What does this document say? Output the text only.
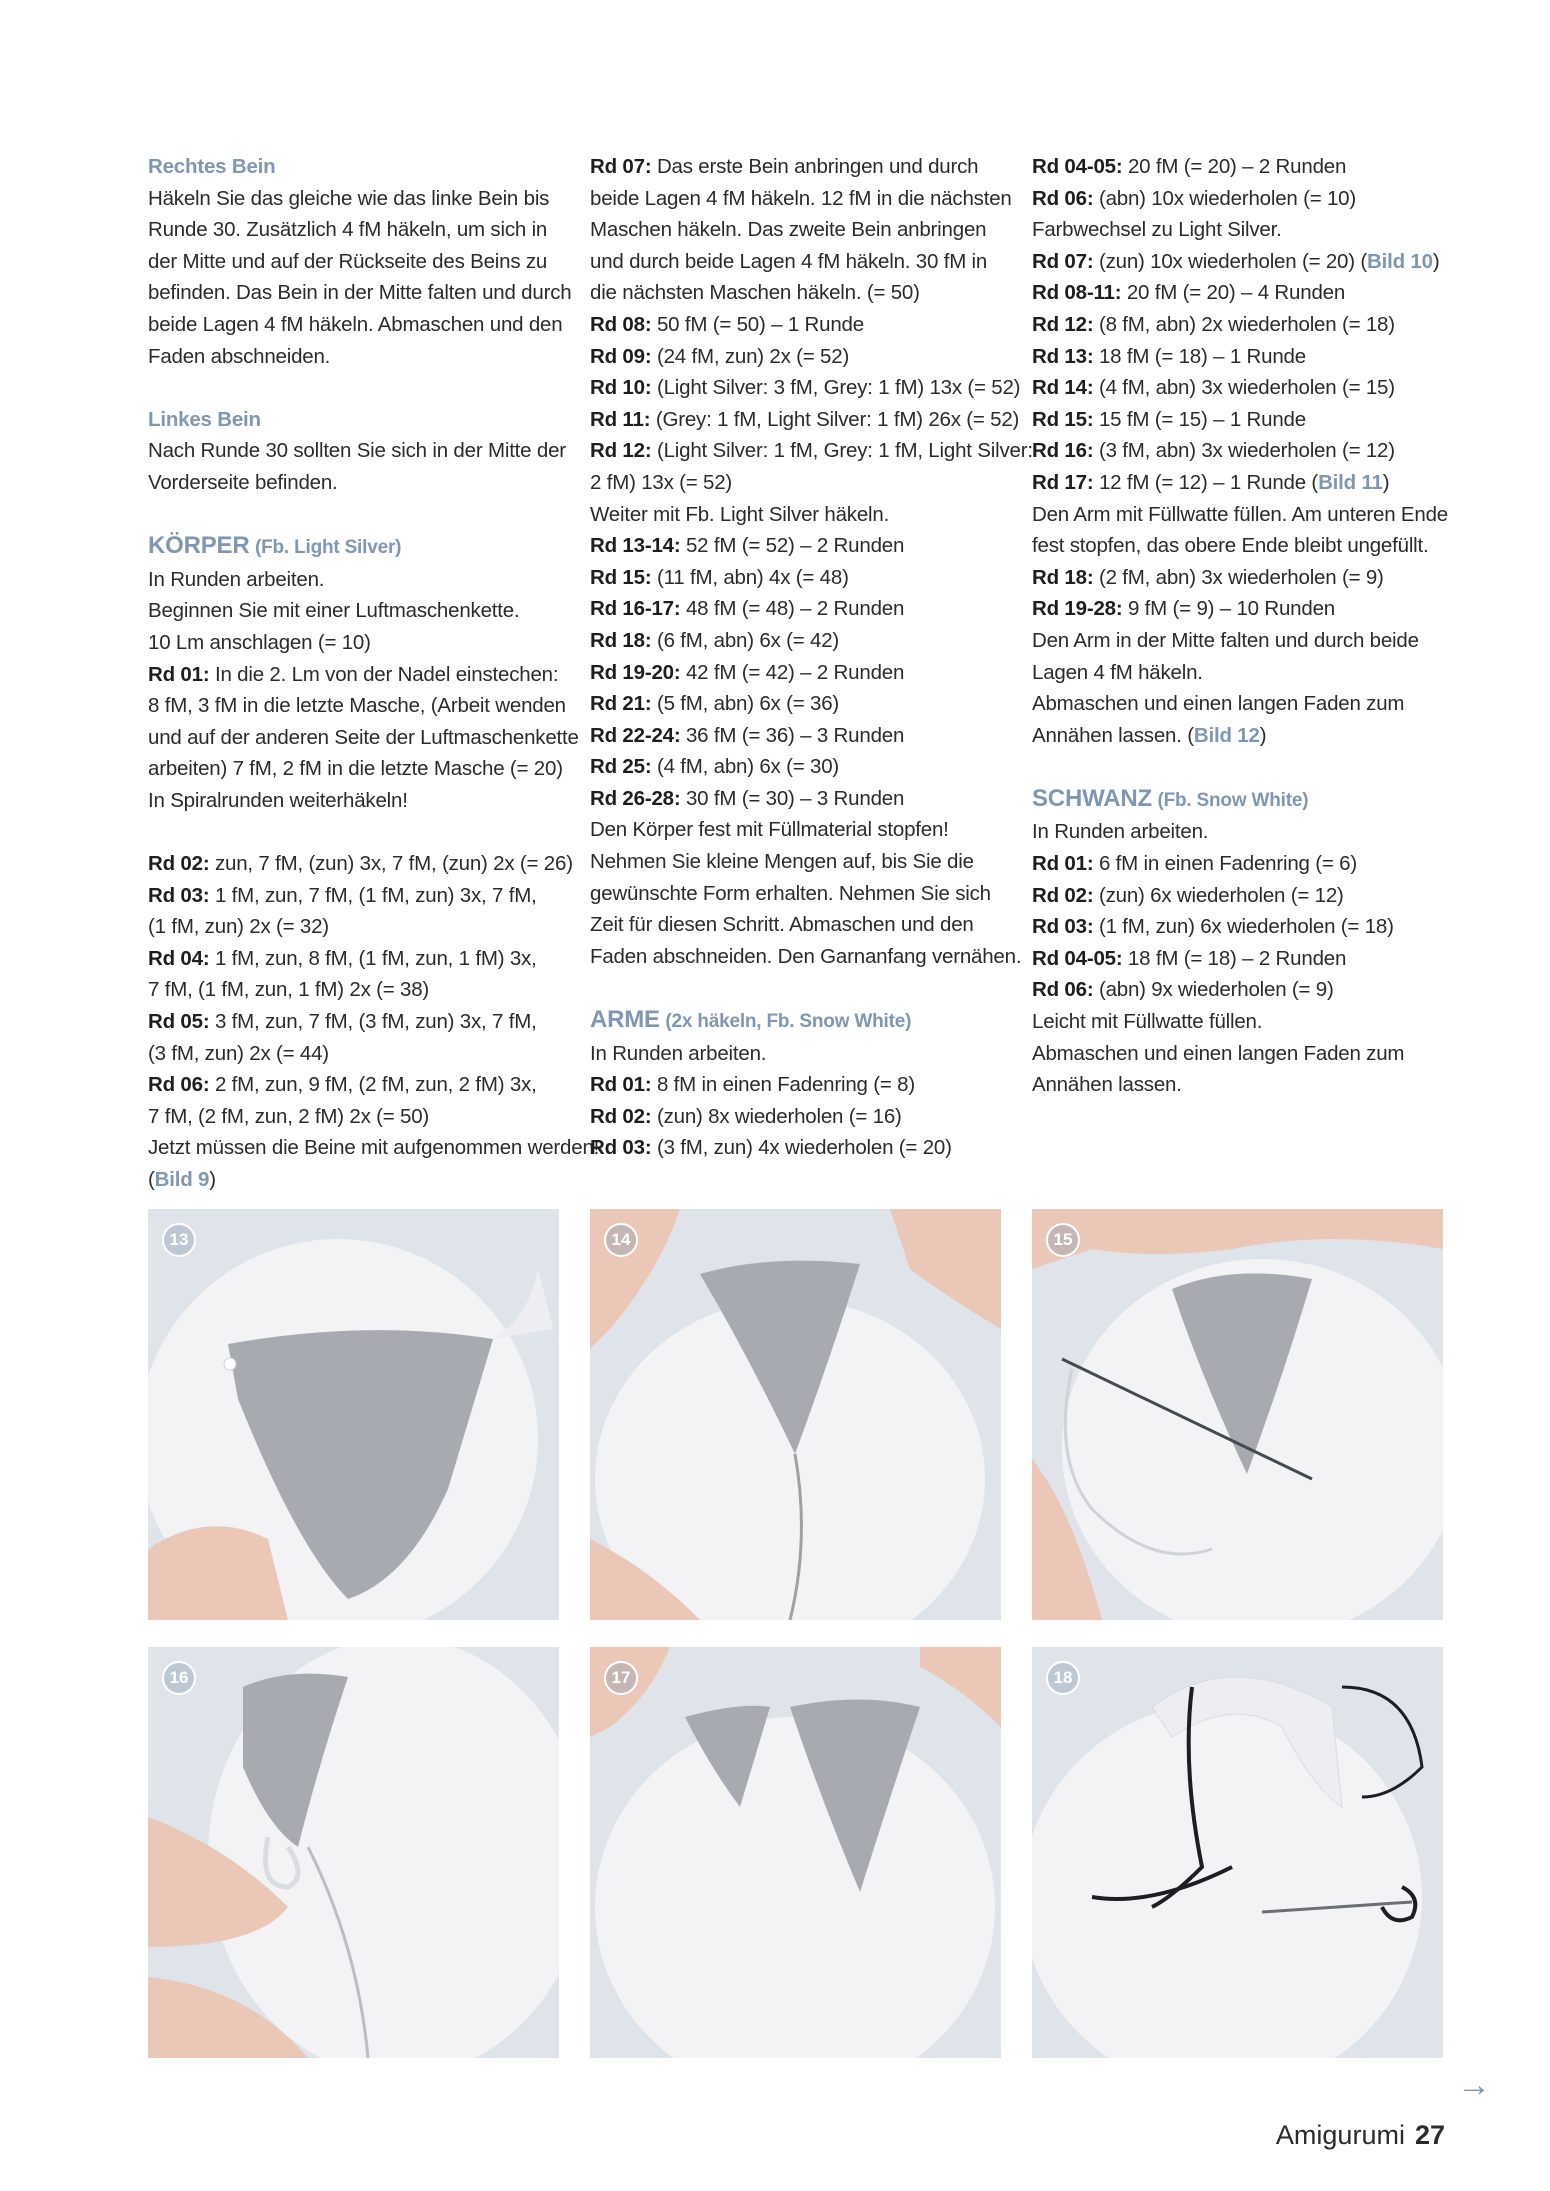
Rechtes Bein
Häkeln Sie das gleiche wie das linke Bein bis
Runde 30. Zusätzlich 4 fM häkeln, um sich in
der Mitte und auf der Rückseite des Beins zu
befinden. Das Bein in der Mitte falten und durch
beide Lagen 4 fM häkeln. Abmaschen und den
Faden abschneiden.
Linkes Bein
Nach Runde 30 sollten Sie sich in der Mitte der
Vorderseite befinden.
KÖRPER (Fb. Light Silver)
In Runden arbeiten.
Beginnen Sie mit einer Luftmaschenkette.
10 Lm anschlagen (= 10)
Rd 01: In die 2. Lm von der Nadel einstechen:
8 fM, 3 fM in die letzte Masche, (Arbeit wenden
und auf der anderen Seite der Luftmaschenkette
arbeiten) 7 fM, 2 fM in die letzte Masche (= 20)
In Spiralrunden weiterhäkeln!
Rd 02: zun, 7 fM, (zun) 3x, 7 fM, (zun) 2x (= 26)
Rd 03: 1 fM, zun, 7 fM, (1 fM, zun) 3x, 7 fM,
(1 fM, zun) 2x (= 32)
Rd 04: 1 fM, zun, 8 fM, (1 fM, zun, 1 fM) 3x,
7 fM, (1 fM, zun, 1 fM) 2x (= 38)
Rd 05: 3 fM, zun, 7 fM, (3 fM, zun) 3x, 7 fM,
(3 fM, zun) 2x (= 44)
Rd 06: 2 fM, zun, 9 fM, (2 fM, zun, 2 fM) 3x,
7 fM, (2 fM, zun, 2 fM) 2x (= 50)
Jetzt müssen die Beine mit aufgenommen werden!
(Bild 9)
Rd 07: Das erste Bein anbringen und durch
beide Lagen 4 fM häkeln. 12 fM in die nächsten
Maschen häkeln. Das zweite Bein anbringen
und durch beide Lagen 4 fM häkeln. 30 fM in
die nächsten Maschen häkeln. (= 50)
Rd 08: 50 fM (= 50) – 1 Runde
Rd 09: (24 fM, zun) 2x (= 52)
Rd 10: (Light Silver: 3 fM, Grey: 1 fM) 13x (= 52)
Rd 11: (Grey: 1 fM, Light Silver: 1 fM) 26x (= 52)
Rd 12: (Light Silver: 1 fM, Grey: 1 fM, Light Silver:
2 fM) 13x (= 52)
Weiter mit Fb. Light Silver häkeln.
Rd 13-14: 52 fM (= 52) – 2 Runden
Rd 15: (11 fM, abn) 4x (= 48)
Rd 16-17: 48 fM (= 48) – 2 Runden
Rd 18: (6 fM, abn) 6x (= 42)
Rd 19-20: 42 fM (= 42) – 2 Runden
Rd 21: (5 fM, abn) 6x (= 36)
Rd 22-24: 36 fM (= 36) – 3 Runden
Rd 25: (4 fM, abn) 6x (= 30)
Rd 26-28: 30 fM (= 30) – 3 Runden
Den Körper fest mit Füllmaterial stopfen!
Nehmen Sie kleine Mengen auf, bis Sie die
gewünschte Form erhalten. Nehmen Sie sich
Zeit für diesen Schritt. Abmaschen und den
Faden abschneiden. Den Garnanfang vernähen.
ARME (2x häkeln, Fb. Snow White)
In Runden arbeiten.
Rd 01: 8 fM in einen Fadenring (= 8)
Rd 02: (zun) 8x wiederholen (= 16)
Rd 03: (3 fM, zun) 4x wiederholen (= 20)
Rd 04-05: 20 fM (= 20) – 2 Runden
Rd 06: (abn) 10x wiederholen (= 10)
Farbwechsel zu Light Silver.
Rd 07: (zun) 10x wiederholen (= 20) (Bild 10)
Rd 08-11: 20 fM (= 20) – 4 Runden
Rd 12: (8 fM, abn) 2x wiederholen (= 18)
Rd 13: 18 fM (= 18) – 1 Runde
Rd 14: (4 fM, abn) 3x wiederholen (= 15)
Rd 15: 15 fM (= 15) – 1 Runde
Rd 16: (3 fM, abn) 3x wiederholen (= 12)
Rd 17: 12 fM (= 12) – 1 Runde (Bild 11)
Den Arm mit Füllwatte füllen. Am unteren Ende
fest stopfen, das obere Ende bleibt ungefüllt.
Rd 18: (2 fM, abn) 3x wiederholen (= 9)
Rd 19-28: 9 fM (= 9) – 10 Runden
Den Arm in der Mitte falten und durch beide
Lagen 4 fM häkeln.
Abmaschen und einen langen Faden zum
Annähen lassen. (Bild 12)
SCHWANZ (Fb. Snow White)
In Runden arbeiten.
Rd 01: 6 fM in einen Fadenring (= 6)
Rd 02: (zun) 6x wiederholen (= 12)
Rd 03: (1 fM, zun) 6x wiederholen (= 18)
Rd 04-05: 18 fM (= 18) – 2 Runden
Rd 06: (abn) 9x wiederholen (= 9)
Leicht mit Füllwatte füllen.
Abmaschen und einen langen Faden zum
Annähen lassen.
13	14	15
16	17	18
→
Amigurumi 27
